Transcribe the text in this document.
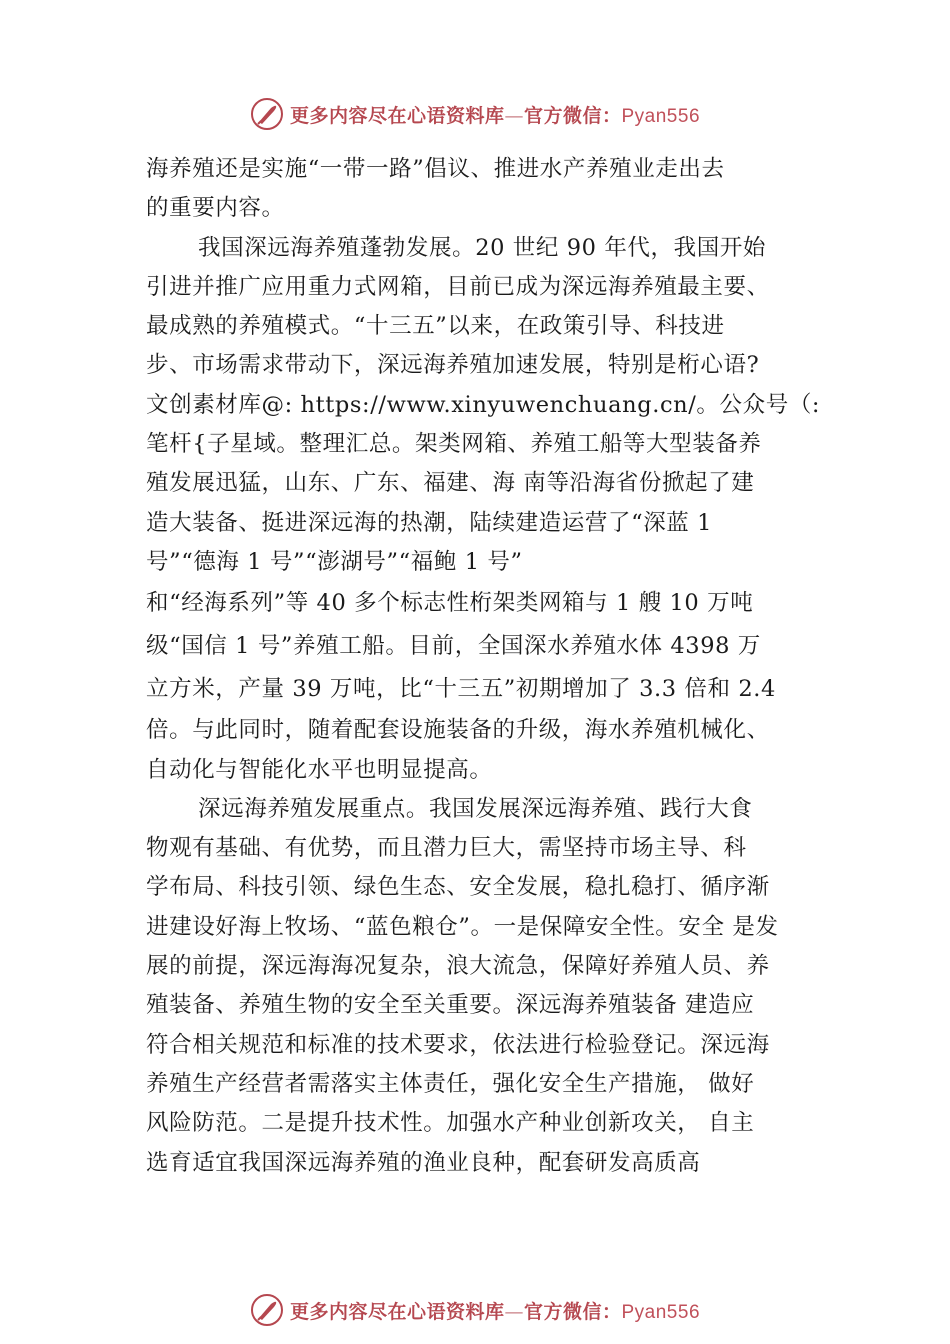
更多内容尽在心语资料库—官方微信：Pyan556
海养殖还是实施“一带一路”倡议、推进水产养殖业走出去
的重要内容。
我国深远海养殖蓬勃发展。20 世纪 90 年代，我国开始
引进并推广应用重力式网箱，目前已成为深远海养殖最主要、
最成熟的养殖模式。“十三五”以来，在政策引导、科技进
步、市场需求带动下，深远海养殖加速发展，特别是桁心语?
文创素材库@: https://www.xinyuwenchuang.cn/。公众号（:
笔杆{子星域。整理汇总。架类网箱、养殖工船等大型装备养
殖发展迅猛，山东、广东、福建、海 南等沿海省份掀起了建
造大装备、挺进深远海的热潮，陆续建造运营了“深蓝 1
号”“德海 1 号”“澎湖号”“福鲍 1 号”
和“经海系列”等 40 多个标志性桁架类网箱与 1 艘 10 万吨
级“国信 1 号”养殖工船。目前，全国深水养殖水体 4398 万
立方米，产量 39 万吨，比“十三五”初期增加了 3.3 倍和 2.4
倍。与此同时，随着配套设施装备的升级，海水养殖机械化、
自动化与智能化水平也明显提高。
深远海养殖发展重点。我国发展深远海养殖、践行大食
物观有基础、有优势，而且潜力巨大，需坚持市场主导、科
学布局、科技引领、绿色生态、安全发展，稳扎稳打、循序渐
进建设好海上牧场、“蓝色粮仓”。一是保障安全性。安全 是发
展的前提，深远海海况复杂，浪大流急，保障好养殖人员、养
殖装备、养殖生物的安全至关重要。深远海养殖装备 建造应
符合相关规范和标准的技术要求，依法进行检验登记。深远海
养殖生产经营者需落实主体责任，强化安全生产措施， 做好
风险防范。二是提升技术性。加强水产种业创新攻关， 自主
选育适宜我国深远海养殖的渔业良种，配套研发高质高
更多内容尽在心语资料库—官方微信：Pyan556
